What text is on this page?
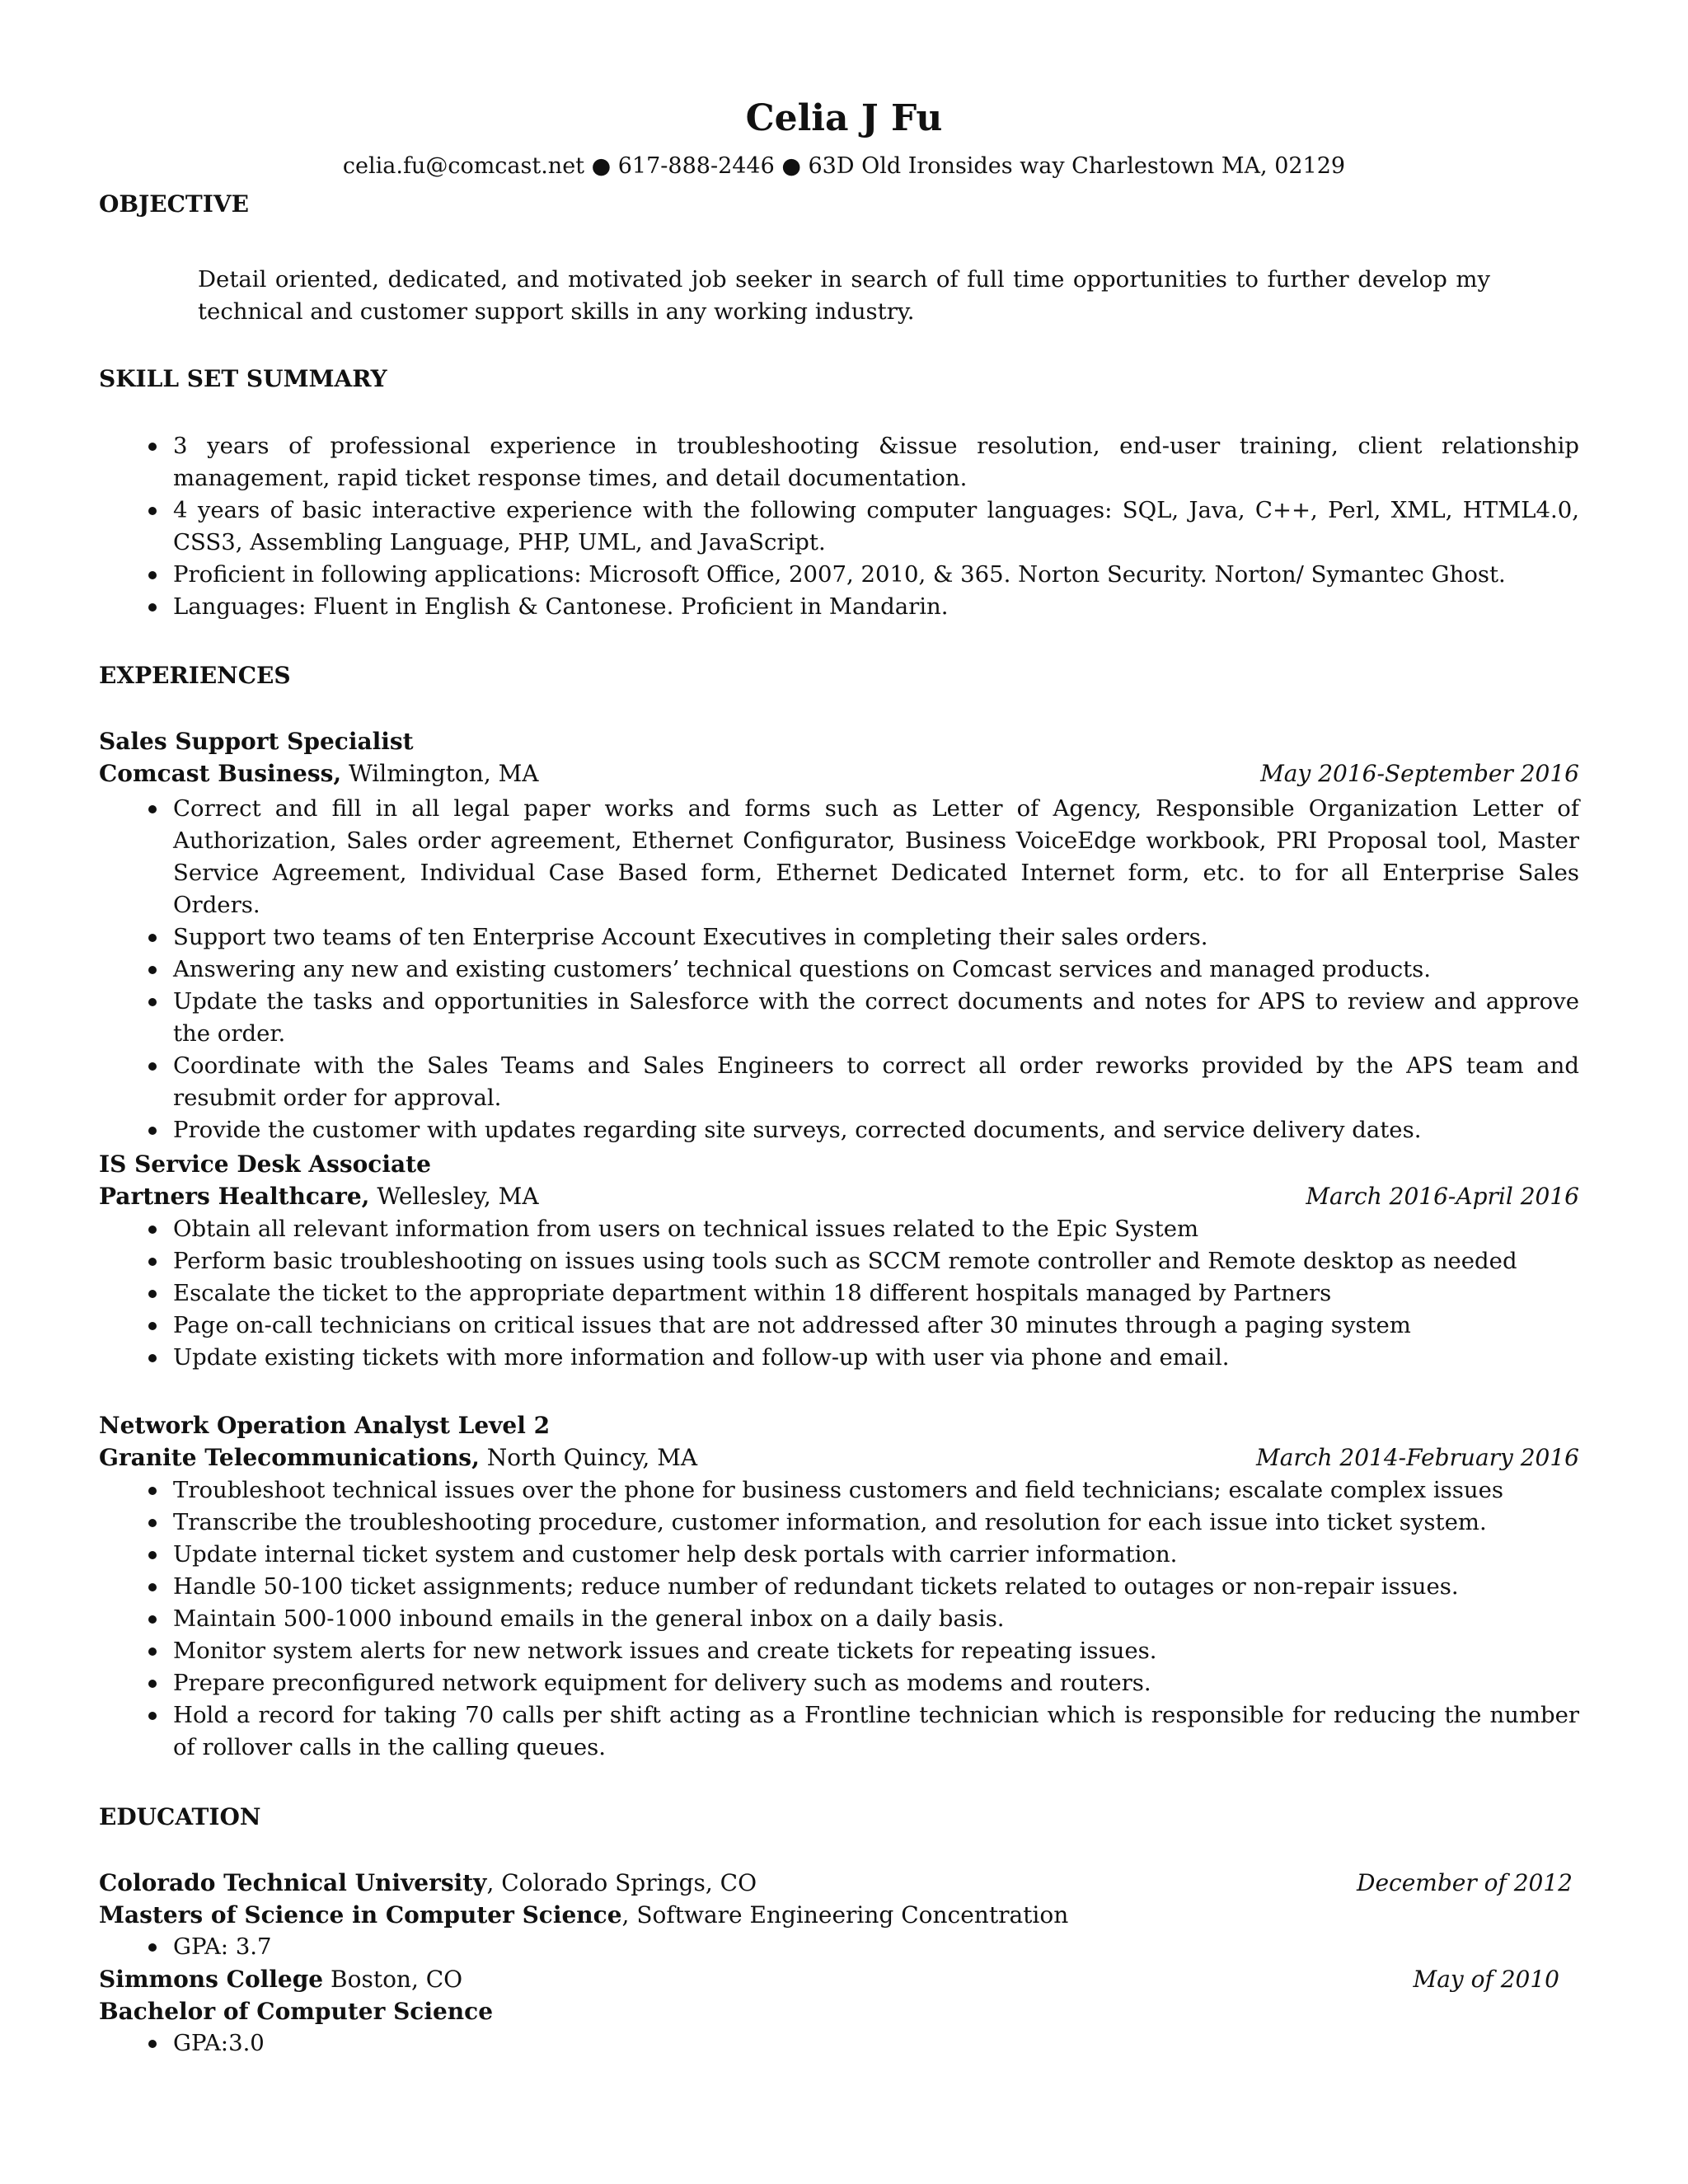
Celia J Fu
celia.fu@comcast.net ● 617-888-2446 ● 63D Old Ironsides way Charlestown MA, 02129
OBJECTIVE
Detail oriented, dedicated, and motivated job seeker in search of full time opportunities to further develop my technical and customer support skills in any working industry.
SKILL SET SUMMARY
3 years of professional experience in troubleshooting &issue resolution, end-user training, client relationship management, rapid ticket response times, and detail documentation.
4 years of basic interactive experience with the following computer languages: SQL, Java, C++, Perl, XML, HTML4.0, CSS3, Assembling Language, PHP, UML, and JavaScript.
Proficient in following applications: Microsoft Office, 2007, 2010, & 365. Norton Security. Norton/ Symantec Ghost.
Languages: Fluent in English & Cantonese. Proficient in Mandarin.
EXPERIENCES
Sales Support Specialist
Comcast Business, Wilmington, MA	May 2016-September 2016
Correct and fill in all legal paper works and forms such as Letter of Agency, Responsible Organization Letter of Authorization, Sales order agreement, Ethernet Configurator, Business VoiceEdge workbook, PRI Proposal tool, Master Service Agreement, Individual Case Based form, Ethernet Dedicated Internet form, etc. to for all Enterprise Sales Orders.
Support two teams of ten Enterprise Account Executives in completing their sales orders.
Answering any new and existing customers’ technical questions on Comcast services and managed products.
Update the tasks and opportunities in Salesforce with the correct documents and notes for APS to review and approve the order.
Coordinate with the Sales Teams and Sales Engineers to correct all order reworks provided by the APS team and resubmit order for approval.
Provide the customer with updates regarding site surveys, corrected documents, and service delivery dates.
IS Service Desk Associate
Partners Healthcare, Wellesley, MA	March 2016-April 2016
Obtain all relevant information from users on technical issues related to the Epic System
Perform basic troubleshooting on issues using tools such as SCCM remote controller and Remote desktop as needed
Escalate the ticket to the appropriate department within 18 different hospitals managed by Partners
Page on-call technicians on critical issues that are not addressed after 30 minutes through a paging system
Update existing tickets with more information and follow-up with user via phone and email.
Network Operation Analyst Level 2
Granite Telecommunications, North Quincy, MA	March 2014-February 2016
Troubleshoot technical issues over the phone for business customers and field technicians; escalate complex issues
Transcribe the troubleshooting procedure, customer information, and resolution for each issue into ticket system.
Update internal ticket system and customer help desk portals with carrier information.
Handle 50-100 ticket assignments; reduce number of redundant tickets related to outages or non-repair issues.
Maintain 500-1000 inbound emails in the general inbox on a daily basis.
Monitor system alerts for new network issues and create tickets for repeating issues.
Prepare preconfigured network equipment for delivery such as modems and routers.
Hold a record for taking 70 calls per shift acting as a Frontline technician which is responsible for reducing the number of rollover calls in the calling queues.
EDUCATION
Colorado Technical University, Colorado Springs, CO	December of 2012
Masters of Science in Computer Science, Software Engineering Concentration
GPA: 3.7
Simmons College Boston, CO	May of 2010
Bachelor of Computer Science
GPA:3.0
